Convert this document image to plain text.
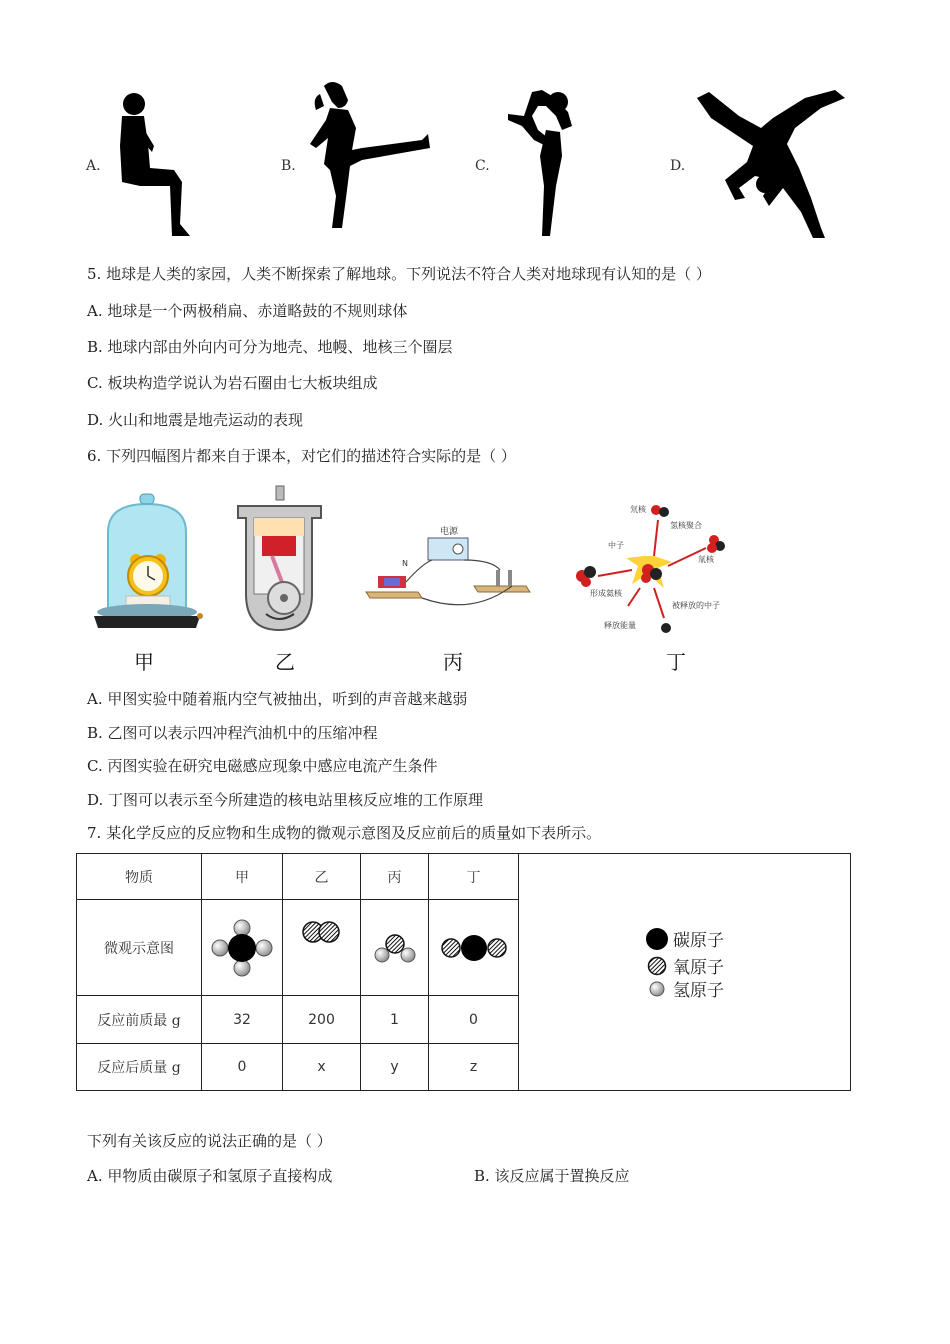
A.	B.	C.	D.
5. 地球是人类的家园，人类不断探索了解地球。下列说法不符合人类对地球现有认知的是（ ）
A. 地球是一个两极稍扁、赤道略鼓的不规则球体
B. 地球内部由外向内可分为地壳、地幔、地核三个圈层
C. 板块构造学说认为岩石圈由七大板块组成
D. 火山和地震是地壳运动的表现
6. 下列四幅图片都来自于课本，对它们的描述符合实际的是（ ）
电源
N
氘核
氢核聚合
中子
氚核
形成氦核
被释放的中子
释放能量
甲	乙	丙	丁
A. 甲图实验中随着瓶内空气被抽出，听到的声音越来越弱
B. 乙图可以表示四冲程汽油机中的压缩冲程
C. 丙图实验在研究电磁感应现象中感应电流产生条件
D. 丁图可以表示至今所建造的核电站里核反应堆的工作原理
7. 某化学反应的反应物和生成物的微观示意图及反应前后的质量如下表所示。
物质	甲	乙	丙	丁	碳原子
氧原子
氢原子

微观示意图	

反应前质最 g	32	200	1	0	
反应后质量 g	0	x	y	z	
下列有关该反应的说法正确的是（ ）
A. 甲物质由碳原子和氢原子直接构成	B. 该反应属于置换反应
